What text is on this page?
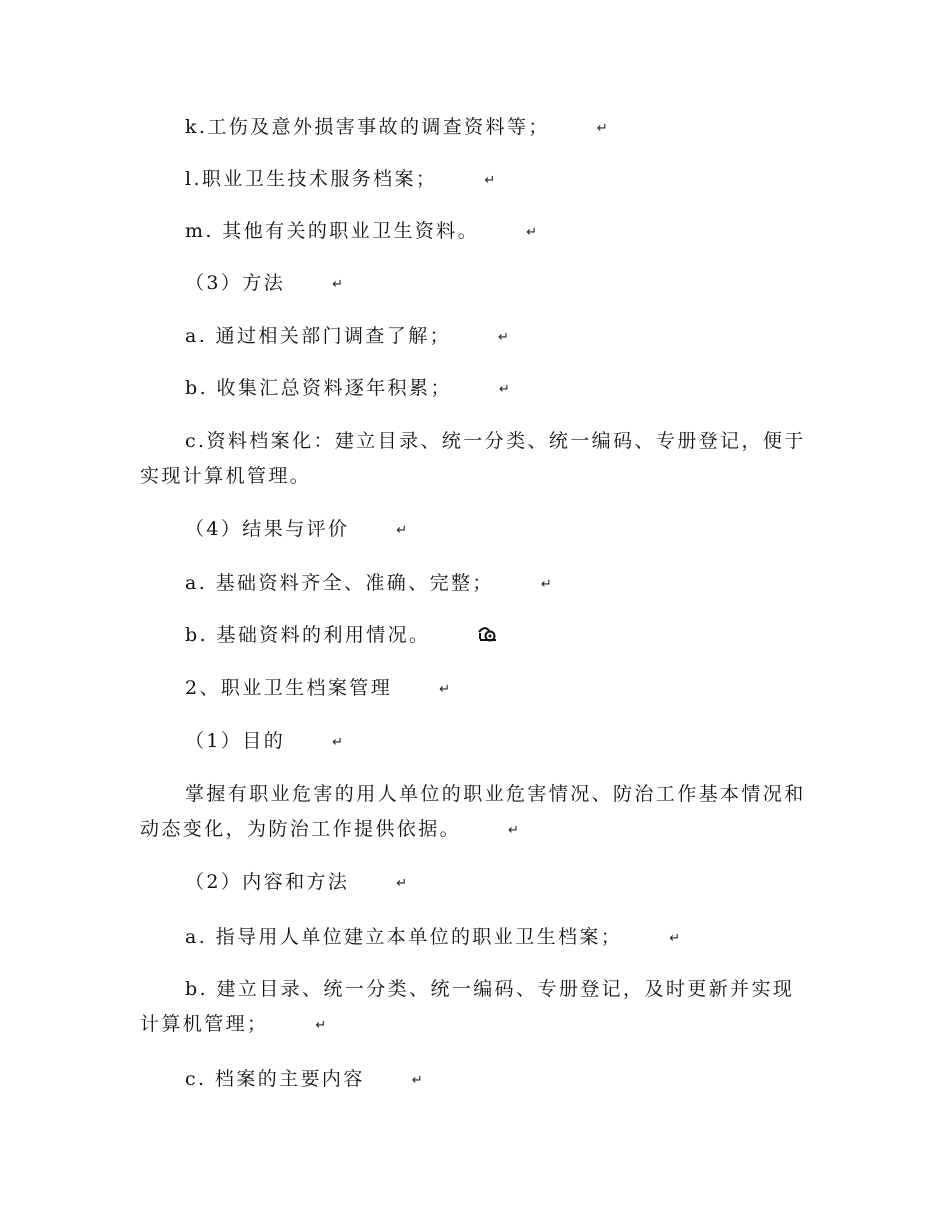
k.工伤及意外损害事故的调查资料等；	↵
l.职业卫生技术服务档案；	↵
m. 其他有关的职业卫生资料。	↵
（3）方法	↵
a. 通过相关部门调查了解；	↵
b. 收集汇总资料逐年积累；	↵
c.资料档案化：建立目录、统一分类、统一编码、专册登记，便于实现计算机管理。
（4）结果与评价	↵
a. 基础资料齐全、准确、完整；	↵
b. 基础资料的利用情况。
2、职业卫生档案管理	↵
（1）目的	↵
掌握有职业危害的用人单位的职业危害情况、防治工作基本情况和动态变化，为防治工作提供依据。	↵
（2）内容和方法	↵
a. 指导用人单位建立本单位的职业卫生档案；	↵
b. 建立目录、统一分类、统一编码、专册登记，及时更新并实现计算机管理；	↵
c. 档案的主要内容	↵
